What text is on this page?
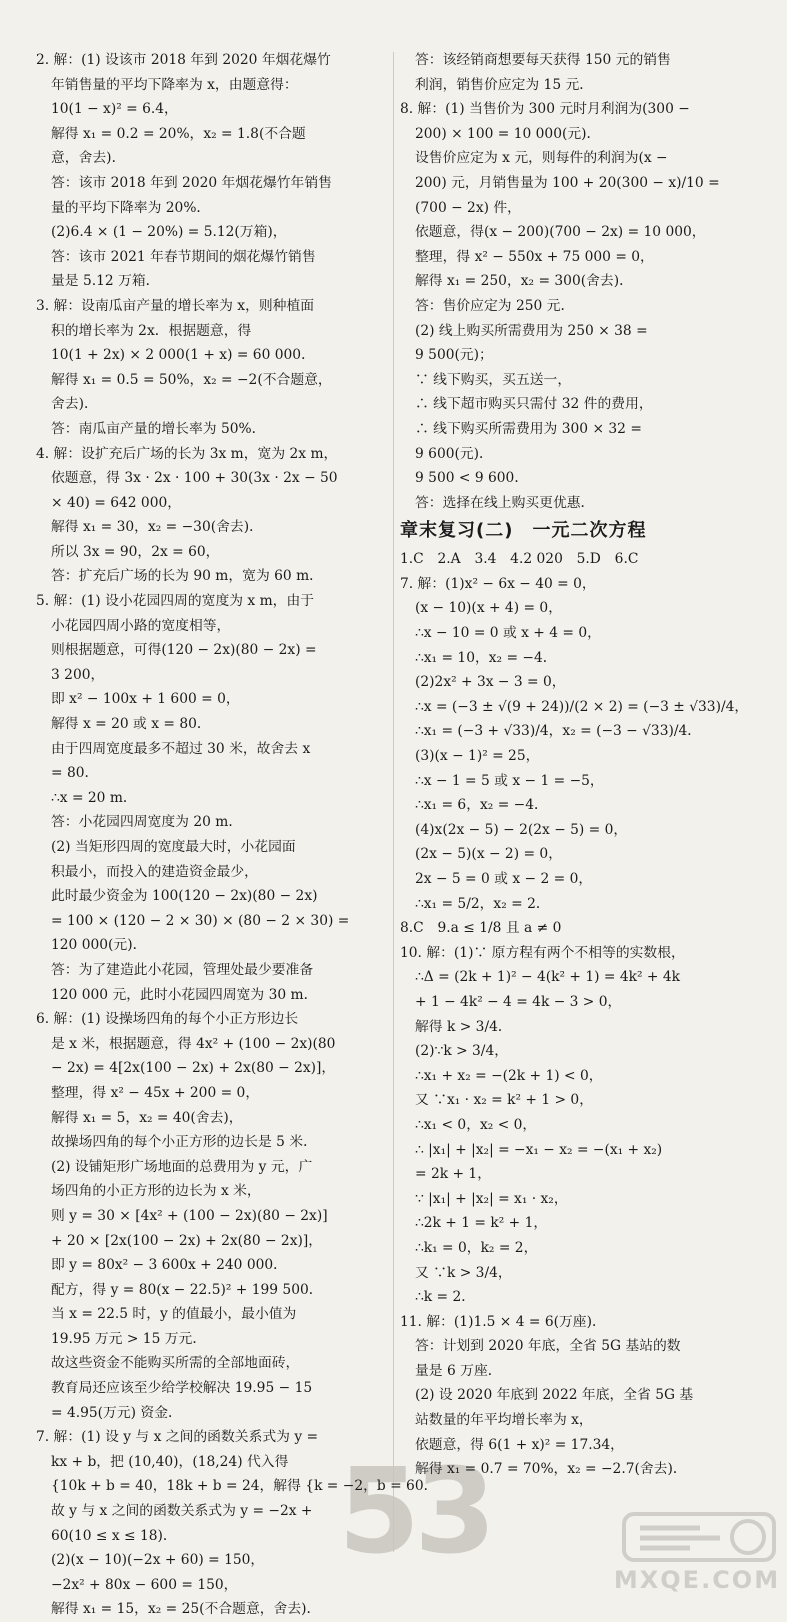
2. 解：(1) 设该市 2018 年到 2020 年烟花爆竹
年销售量的平均下降率为 x，由题意得：
10(1 − x)² = 6.4，
解得 x₁ = 0.2 = 20%，x₂ = 1.8(不合题
意，舍去)．
答：该市 2018 年到 2020 年烟花爆竹年销售
量的平均下降率为 20%．
(2)6.4 × (1 − 20%) = 5.12(万箱)，
答：该市 2021 年春节期间的烟花爆竹销售
量是 5.12 万箱．
3. 解：设南瓜亩产量的增长率为 x，则种植面
积的增长率为 2x．根据题意，得
10(1 + 2x) × 2 000(1 + x) = 60 000．
解得 x₁ = 0.5 = 50%，x₂ = −2(不合题意，
舍去)．
答：南瓜亩产量的增长率为 50%．
4. 解：设扩充后广场的长为 3x m，宽为 2x m，
依题意，得 3x · 2x · 100 + 30(3x · 2x − 50
× 40) = 642 000，
解得 x₁ = 30，x₂ = −30(舍去)．
所以 3x = 90，2x = 60，
答：扩充后广场的长为 90 m，宽为 60 m．
5. 解：(1) 设小花园四周的宽度为 x m，由于
小花园四周小路的宽度相等，
则根据题意，可得(120 − 2x)(80 − 2x) =
3 200，
即 x² − 100x + 1 600 = 0，
解得 x = 20 或 x = 80．
由于四周宽度最多不超过 30 米，故舍去 x
= 80．
∴x = 20 m．
答：小花园四周宽度为 20 m．
(2) 当矩形四周的宽度最大时，小花园面
积最小，而投入的建造资金最少，
此时最少资金为 100(120 − 2x)(80 − 2x)
= 100 × (120 − 2 × 30) × (80 − 2 × 30) =
120 000(元)．
答：为了建造此小花园，管理处最少要准备
120 000 元，此时小花园四周宽为 30 m．
6. 解：(1) 设操场四角的每个小正方形边长
是 x 米，根据题意，得 4x² + (100 − 2x)(80
− 2x) = 4[2x(100 − 2x) + 2x(80 − 2x)]，
整理，得 x² − 45x + 200 = 0，
解得 x₁ = 5，x₂ = 40(舍去)，
故操场四角的每个小正方形的边长是 5 米．
(2) 设铺矩形广场地面的总费用为 y 元，广
场四角的小正方形的边长为 x 米，
则 y = 30 × [4x² + (100 − 2x)(80 − 2x)]
+ 20 × [2x(100 − 2x) + 2x(80 − 2x)]，
即 y = 80x² − 3 600x + 240 000．
配方，得 y = 80(x − 22.5)² + 199 500．
当 x = 22.5 时，y 的值最小，最小值为
19.95 万元 > 15 万元．
故这些资金不能购买所需的全部地面砖，
教育局还应该至少给学校解决 19.95 − 15
= 4.95(万元) 资金．
7. 解：(1) 设 y 与 x 之间的函数关系式为 y =
kx + b，把 (10,40)，(18,24) 代入得
{10k + b = 40，18k + b = 24，解得 {k = −2，b = 60．
故 y 与 x 之间的函数关系式为 y = −2x +
60(10 ≤ x ≤ 18)．
(2)(x − 10)(−2x + 60) = 150，
−2x² + 80x − 600 = 150，
解得 x₁ = 15，x₂ = 25(不合题意，舍去)．
答：该经销商想要每天获得 150 元的销售
利润，销售价应定为 15 元．
8. 解：(1) 当售价为 300 元时月利润为(300 −
200) × 100 = 10 000(元)．
设售价应定为 x 元，则每件的利润为(x −
200) 元，月销售量为 100 + 20(300 − x)/10 =
(700 − 2x) 件，
依题意，得(x − 200)(700 − 2x) = 10 000，
整理，得 x² − 550x + 75 000 = 0，
解得 x₁ = 250，x₂ = 300(舍去)．
答：售价应定为 250 元．
(2) 线上购买所需费用为 250 × 38 =
9 500(元)；
∵ 线下购买，买五送一，
∴ 线下超市购买只需付 32 件的费用，
∴ 线下购买所需费用为 300 × 32 =
9 600(元)．
9 500 < 9 600．
答：选择在线上购买更优惠．
章末复习(二)　一元二次方程
1.C　2.A　3.4　4.2 020　5.D　6.C
7. 解：(1)x² − 6x − 40 = 0，
(x − 10)(x + 4) = 0，
∴x − 10 = 0 或 x + 4 = 0，
∴x₁ = 10，x₂ = −4．
(2)2x² + 3x − 3 = 0，
∴x = (−3 ± √(9 + 24))/(2 × 2) = (−3 ± √33)/4，
∴x₁ = (−3 + √33)/4，x₂ = (−3 − √33)/4．
(3)(x − 1)² = 25，
∴x − 1 = 5 或 x − 1 = −5，
∴x₁ = 6，x₂ = −4．
(4)x(2x − 5) − 2(2x − 5) = 0，
(2x − 5)(x − 2) = 0，
2x − 5 = 0 或 x − 2 = 0，
∴x₁ = 5/2，x₂ = 2．
8.C　9.a ≤ 1/8 且 a ≠ 0
10. 解：(1)∵ 原方程有两个不相等的实数根，
∴Δ = (2k + 1)² − 4(k² + 1) = 4k² + 4k
+ 1 − 4k² − 4 = 4k − 3 > 0，
解得 k > 3/4．
(2)∵k > 3/4，
∴x₁ + x₂ = −(2k + 1) < 0，
又 ∵x₁ · x₂ = k² + 1 > 0，
∴x₁ < 0，x₂ < 0，
∴ |x₁| + |x₂| = −x₁ − x₂ = −(x₁ + x₂)
= 2k + 1，
∵ |x₁| + |x₂| = x₁ · x₂，
∴2k + 1 = k² + 1，
∴k₁ = 0，k₂ = 2，
又 ∵k > 3/4，
∴k = 2．
11. 解：(1)1.5 × 4 = 6(万座)．
答：计划到 2020 年底，全省 5G 基站的数
量是 6 万座．
(2) 设 2020 年底到 2022 年底，全省 5G 基
站数量的年平均增长率为 x，
依题意，得 6(1 + x)² = 17.34，
解得 x₁ = 0.7 = 70%，x₂ = −2.7(舍去)．
53	MXQE.COM
